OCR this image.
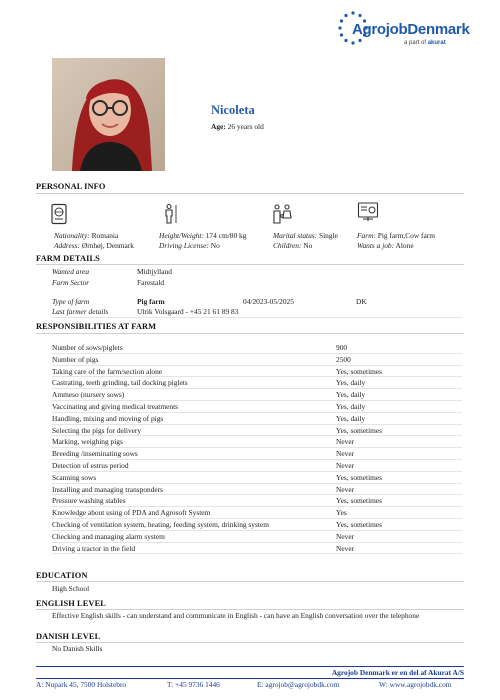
AgrojobDenmark
a part of akurat
Nicoleta
Age: 26 years old
PERSONAL INFO
Nationality: Romania
Address: Ørnhøj, Denmark
Height/Weight: 174 cm/80 kg
Driving License: No
Marital status: Single
Children: No
Farm: Pig farm,Cow farm
Wants a job: Alone
FARM DETAILS
Wanted area	Midtjylland
Farm Sector	Farestald
Type of farm	Pig farm	04/2023-05/2025	DK
Last farmer details	Ulrik Volsgaard - +45 21 61 89 83
RESPONSIBILITIES AT FARM
Number of sows/piglets	900
Number of pigs	2500
Taking care of the farm/section alone	Yes, sometimes
Castrating, teeth grinding, tail docking piglets	Yes, daily
Ammeso (nursery sows)	Yes, daily
Vaccinating and giving medical treatments	Yes, daily
Handling, mixing and moving of pigs	Yes, daily
Selecting the pigs for delivery	Yes, sometimes
Marking, weighing pigs	Never
Breeding /inseminating sows	Never
Detection of estrus period	Never
Scanning sows	Yes, sometimes
Installing and managing transponders	Never
Pressure washing stables	Yes, sometimes
Knowledge about using of PDA and Agrosoft System	Yes
Checking of ventilation system, heating, feeding system, drinking system	Yes, sometimes
Checking and managing alarm system	Never
Driving a tractor in the field	Never
EDUCATION
High School
ENGLISH LEVEL
Effective English skills - can understand and communicate in English - can have an English conversation over the telephone
DANISH LEVEL
No Danish Skills
Agrojob Denmark er en del af Akurat A/S
A: Nupark 45, 7500 Holstebro	T: +45 9736 1446	E: agrojob@agrojobdk.com	W: www.agrojobdk.com
